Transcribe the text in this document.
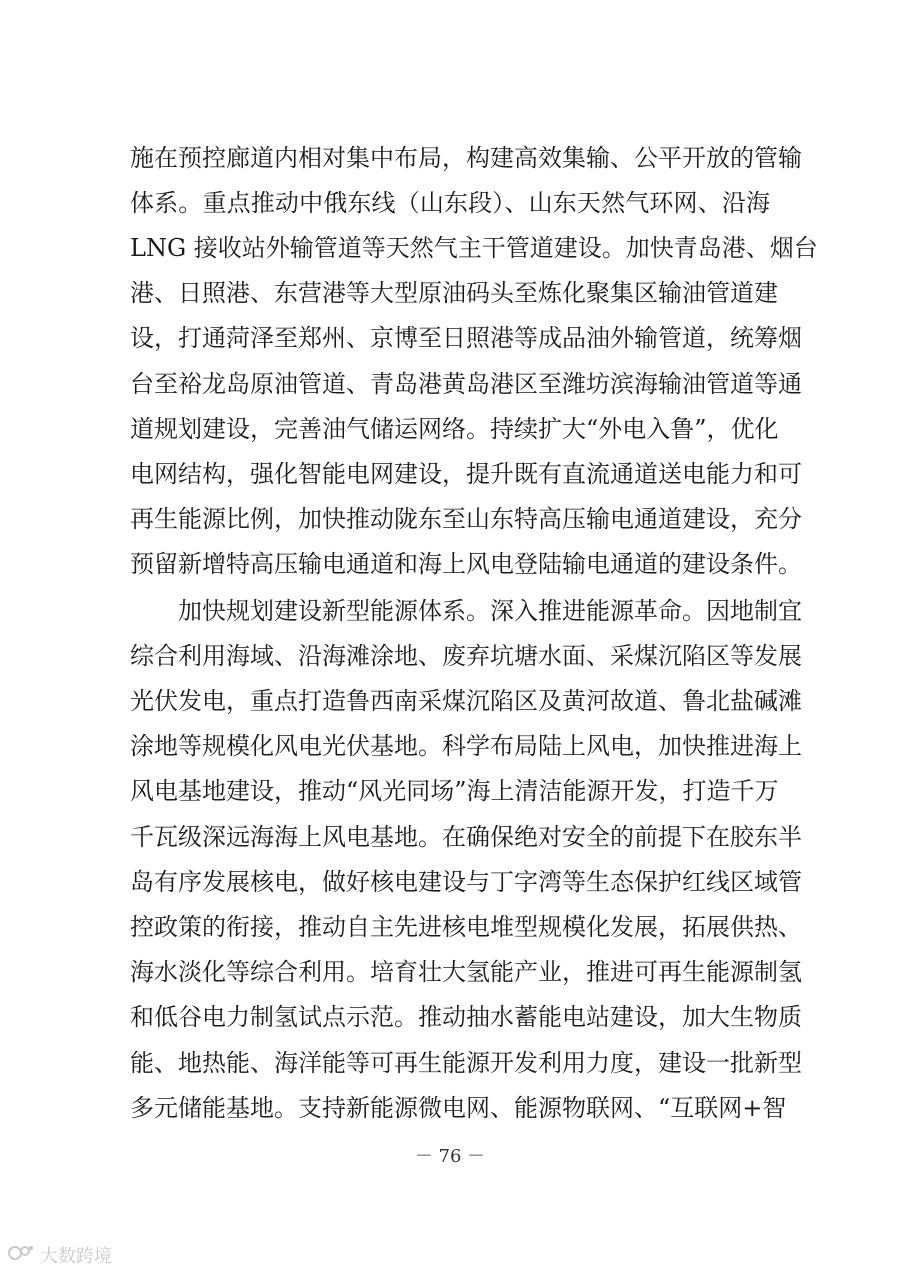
施在预控廊道内相对集中布局，构建高效集输、公平开放的管输
体系。重点推动中俄东线（山东段）、山东天然气环网、沿海
LNG 接收站外输管道等天然气主干管道建设。加快青岛港、烟台
港、日照港、东营港等大型原油码头至炼化聚集区输油管道建
设，打通菏泽至郑州、京博至日照港等成品油外输管道，统筹烟
台至裕龙岛原油管道、青岛港黄岛港区至潍坊滨海输油管道等通
道规划建设，完善油气储运网络。持续扩大“外电入鲁”，优化
电网结构，强化智能电网建设，提升既有直流通道送电能力和可
再生能源比例，加快推动陇东至山东特高压输电通道建设，充分
预留新增特高压输电通道和海上风电登陆输电通道的建设条件。
加快规划建设新型能源体系。深入推进能源革命。因地制宜
综合利用海域、沿海滩涂地、废弃坑塘水面、采煤沉陷区等发展
光伏发电，重点打造鲁西南采煤沉陷区及黄河故道、鲁北盐碱滩
涂地等规模化风电光伏基地。科学布局陆上风电，加快推进海上
风电基地建设，推动“风光同场”海上清洁能源开发，打造千万
千瓦级深远海海上风电基地。在确保绝对安全的前提下在胶东半
岛有序发展核电，做好核电建设与丁字湾等生态保护红线区域管
控政策的衔接，推动自主先进核电堆型规模化发展，拓展供热、
海水淡化等综合利用。培育壮大氢能产业，推进可再生能源制氢
和低谷电力制氢试点示范。推动抽水蓄能电站建设，加大生物质
能、地热能、海洋能等可再生能源开发利用力度，建设一批新型
多元储能基地。支持新能源微电网、能源物联网、“互联网+智
－ 76 －
大数跨境
